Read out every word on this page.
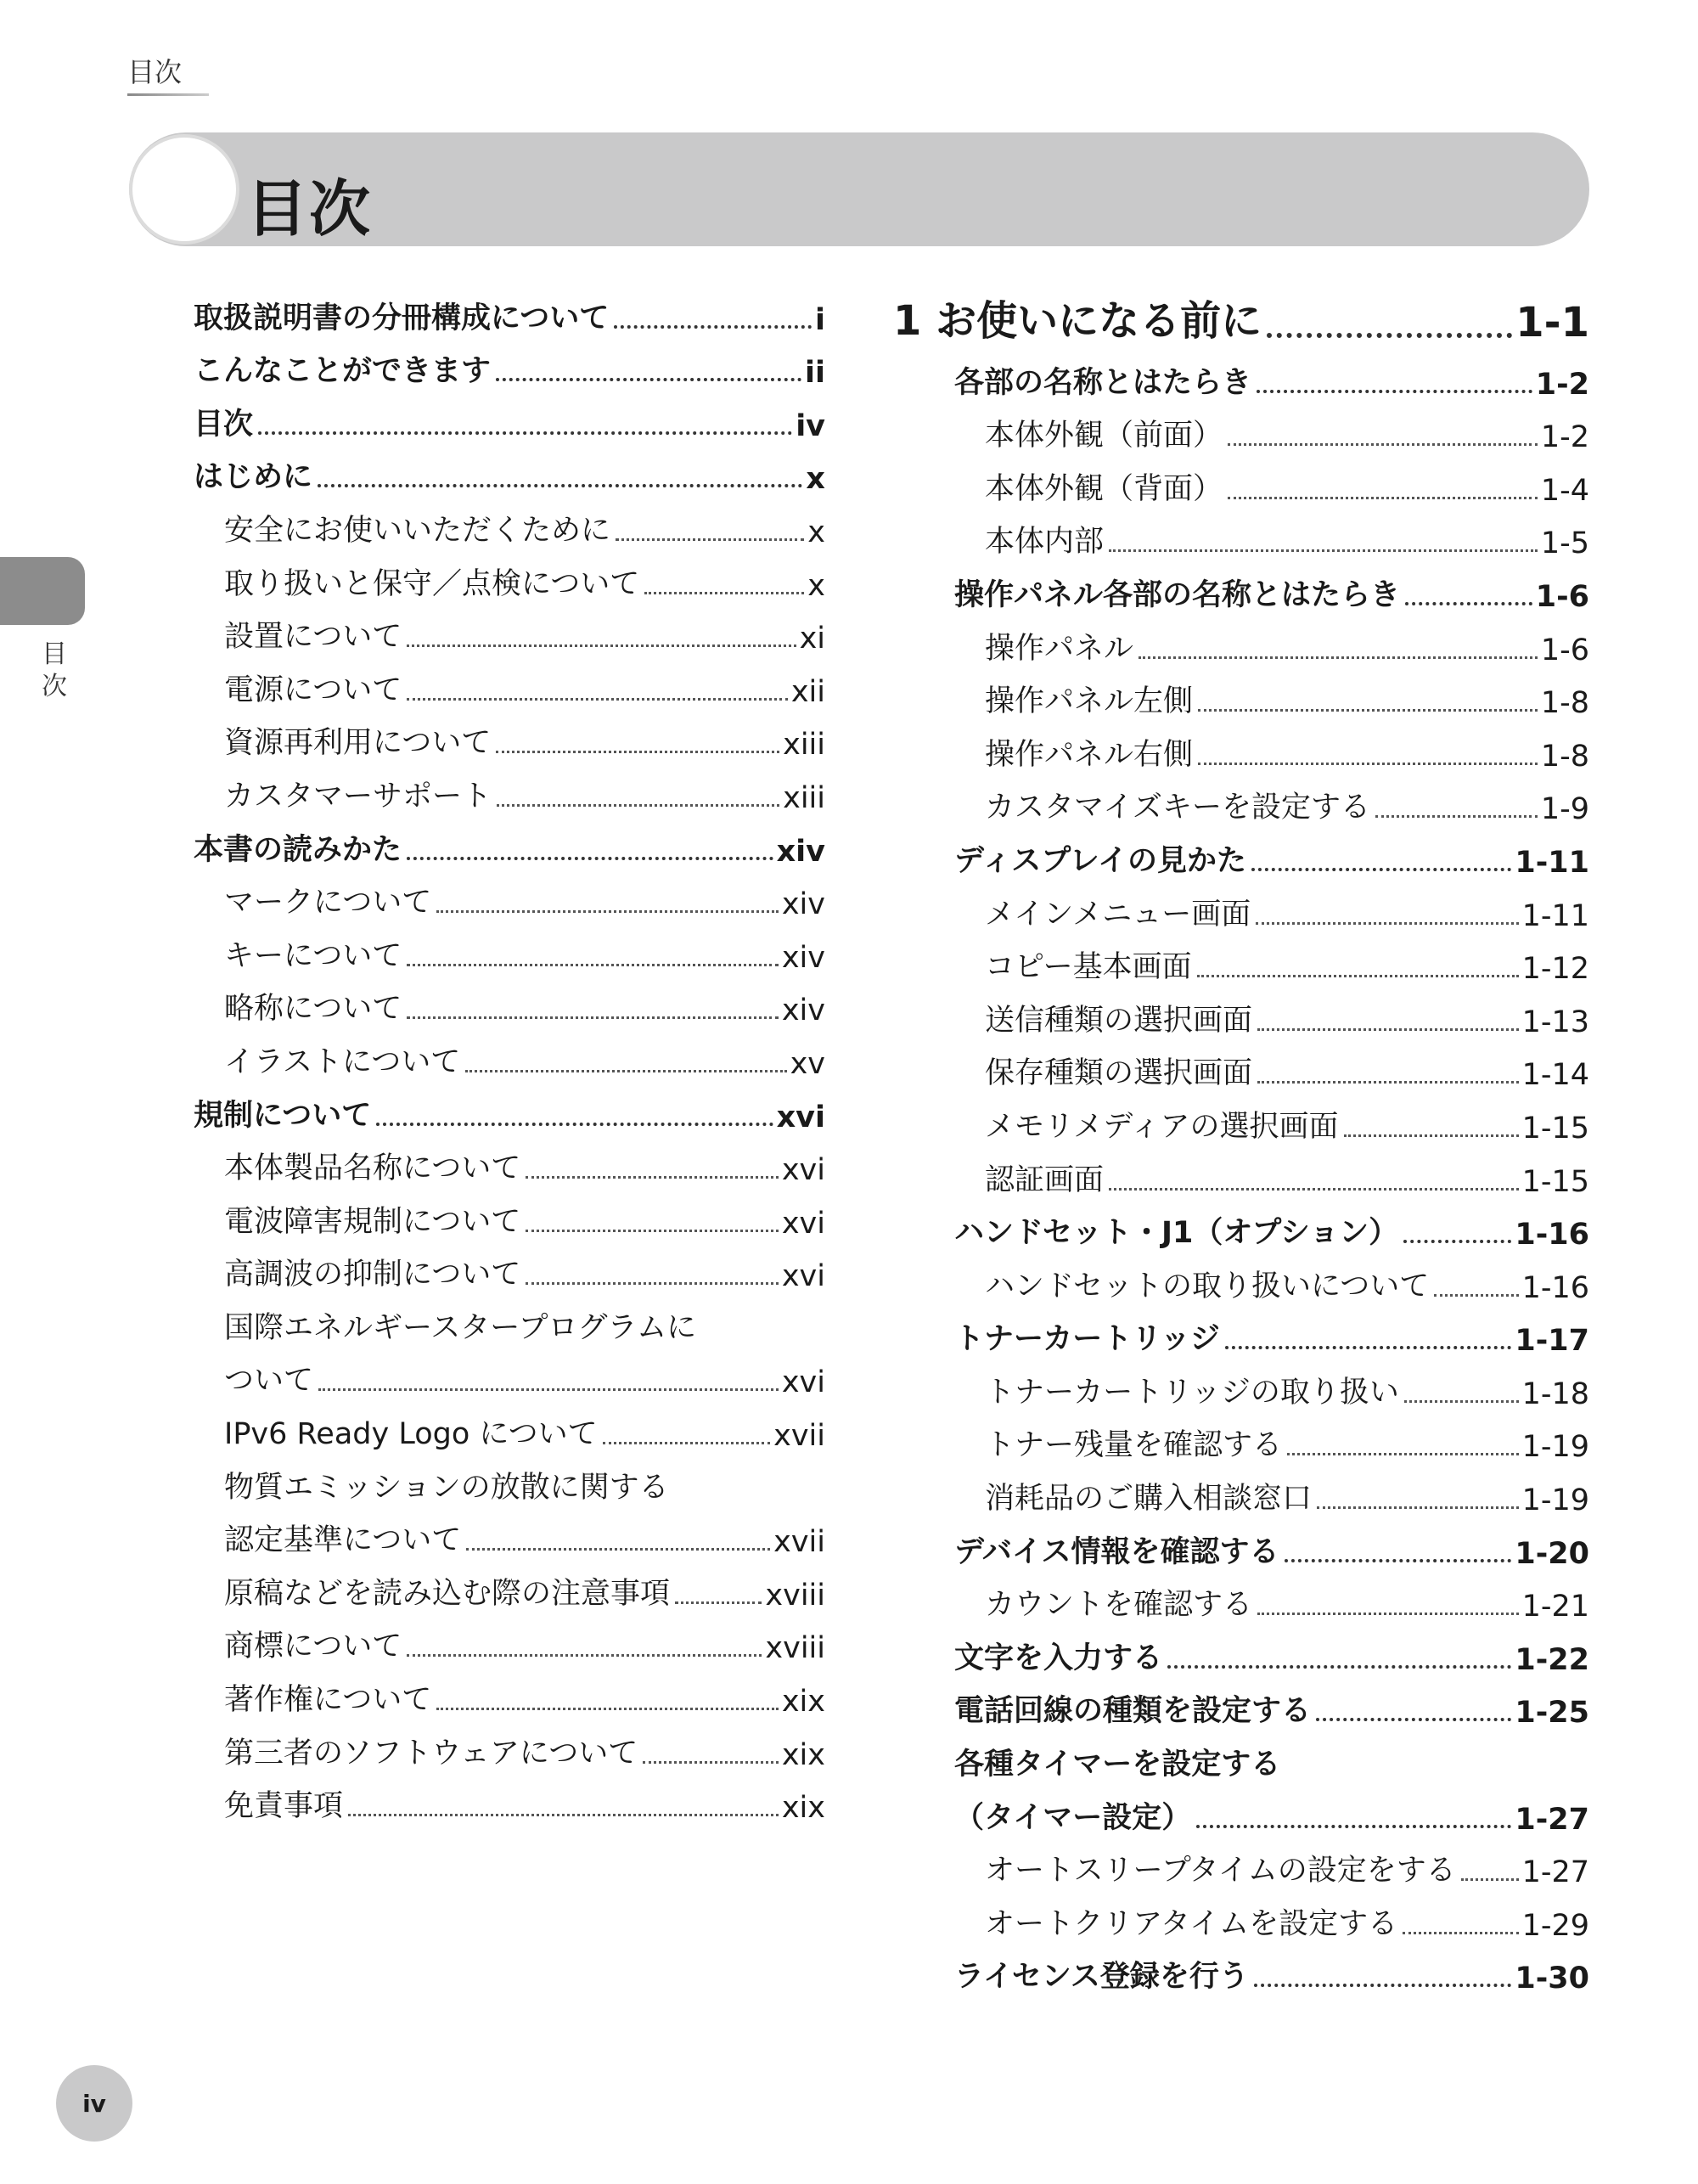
目次
目次
目
次
取扱説明書の分冊構成について	i
こんなことができます	ii
目次	iv
はじめに	x
安全にお使いいただくために	x
取り扱いと保守／点検について	x
設置について	xi
電源について	xii
資源再利用について	xiii
カスタマーサポート	xiii
本書の読みかた	xiv
マークについて	xiv
キーについて	xiv
略称について	xiv
イラストについて	xv
規制について	xvi
本体製品名称について	xvi
電波障害規制について	xvi
高調波の抑制について	xvi
国際エネルギースタープログラムに
ついて	xvi
IPv6 Ready Logo について	xvii
物質エミッションの放散に関する
認定基準について	xvii
原稿などを読み込む際の注意事項	xviii
商標について	xviii
著作権について	xix
第三者のソフトウェアについて	xix
免責事項	xix
1 お使いになる前に	1-1
各部の名称とはたらき	1-2
本体外観（前面）	1-2
本体外観（背面）	1-4
本体内部	1-5
操作パネル各部の名称とはたらき	1-6
操作パネル	1-6
操作パネル左側	1-8
操作パネル右側	1-8
カスタマイズキーを設定する	1-9
ディスプレイの見かた	1-11
メインメニュー画面	1-11
コピー基本画面	1-12
送信種類の選択画面	1-13
保存種類の選択画面	1-14
メモリメディアの選択画面	1-15
認証画面	1-15
ハンドセット・J1（オプション）	1-16
ハンドセットの取り扱いについて	1-16
トナーカートリッジ	1-17
トナーカートリッジの取り扱い	1-18
トナー残量を確認する	1-19
消耗品のご購入相談窓口	1-19
デバイス情報を確認する	1-20
カウントを確認する	1-21
文字を入力する	1-22
電話回線の種類を設定する	1-25
各種タイマーを設定する
（タイマー設定）	1-27
オートスリープタイムの設定をする 1-27
オートクリアタイムを設定する	1-29
ライセンス登録を行う	1-30
iv
